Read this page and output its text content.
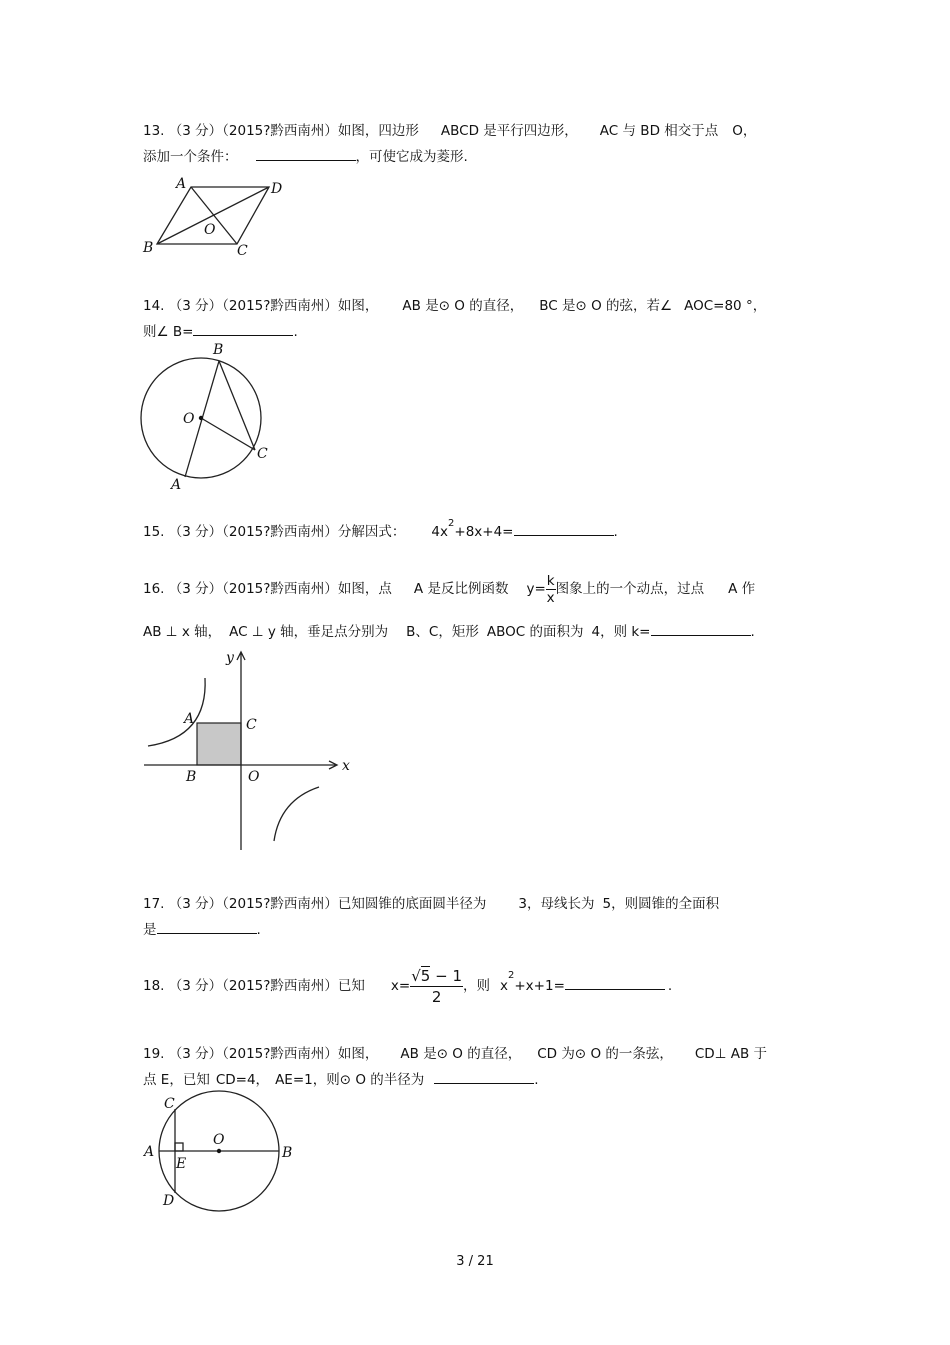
13. （3 分）（2015?黔西南州）如图，四边形 ABCD 是平行四边形， AC 与 BD 相交于点 O，
添加一个条件：	，可使它成为菱形.
A	D
O
B	C
14. （3 分）（2015?黔西南州）如图， AB 是⊙ O 的直径， BC 是⊙ O 的弦，若∠ AOC=80 °，
则∠ B=	.
B
O
C
A
15. （3 分）（2015?黔西南州）分解因式： $4x^2+8x+4=$	.
16. （3 分）（2015?黔西南州）如图，点 A 是反比例函数 $y= \frac{k}{x}$ 图象上的一个动点，过点 A 作
AB ⊥ x 轴， AC ⊥ y 轴，垂足点分别为 B、C，矩形 ABOC 的面积为 4，则 k=	.
y
x
A	C
B	O
17. （3 分）（2015?黔西南州）已知圆锥的底面圆半径为 3，母线长为 5，则圆锥的全面积
是	.
18. （3 分）（2015?黔西南州）已知 $x= \frac{√5 - 1}{2}$ ，则 $x^2+x+1=$	.
19. （3 分）（2015?黔西南州）如图， AB 是⊙ O 的直径， CD 为⊙ O 的一条弦， CD⊥ AB 于
点 E，已知 CD=4， AE=1，则⊙ O 的半径为	.
C
O
A
E
B
D
3 / 21
